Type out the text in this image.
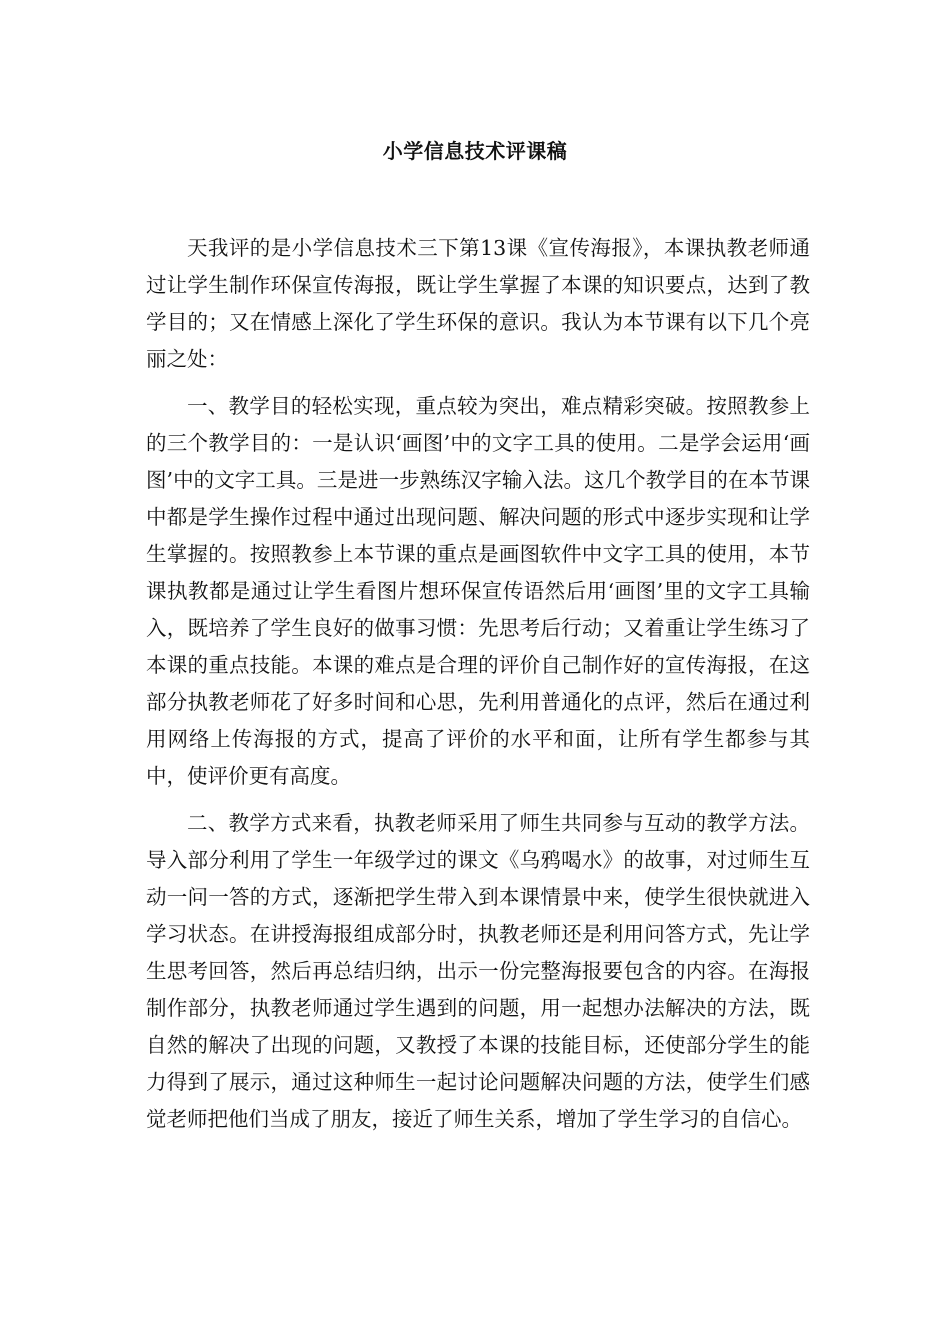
小学信息技术评课稿

天我评的是小学信息技术三下第13课《宣传海报》，本课执教老师通过让学生制作环保宣传海报，既让学生掌握了本课的知识要点，达到了教学目的；又在情感上深化了学生环保的意识。我认为本节课有以下几个亮丽之处：

一、教学目的轻松实现，重点较为突出，难点精彩突破。按照教参上的三个教学目的：一是认识‘画图’中的文字工具的使用。二是学会运用‘画图’中的文字工具。三是进一步熟练汉字输入法。这几个教学目的在本节课中都是学生操作过程中通过出现问题、解决问题的形式中逐步实现和让学生掌握的。按照教参上本节课的重点是画图软件中文字工具的使用，本节课执教都是通过让学生看图片想环保宣传语然后用‘画图’里的文字工具输入，既培养了学生良好的做事习惯：先思考后行动；又着重让学生练习了本课的重点技能。本课的难点是合理的评价自己制作好的宣传海报，在这部分执教老师花了好多时间和心思，先利用普通化的点评，然后在通过利用网络上传海报的方式，提高了评价的水平和面，让所有学生都参与其中，使评价更有高度。

二、教学方式来看，执教老师采用了师生共同参与互动的教学方法。导入部分利用了学生一年级学过的课文《乌鸦喝水》的故事，对过师生互动一问一答的方式，逐渐把学生带入到本课情景中来，使学生很快就进入学习状态。在讲授海报组成部分时，执教老师还是利用问答方式，先让学生思考回答，然后再总结归纳，出示一份完整海报要包含的内容。在海报制作部分，执教老师通过学生遇到的问题，用一起想办法解决的方法，既自然的解决了出现的问题，又教授了本课的技能目标，还使部分学生的能力得到了展示，通过这种师生一起讨论问题解决问题的方法，使学生们感觉老师把他们当成了朋友，接近了师生关系，增加了学生学习的自信心。
